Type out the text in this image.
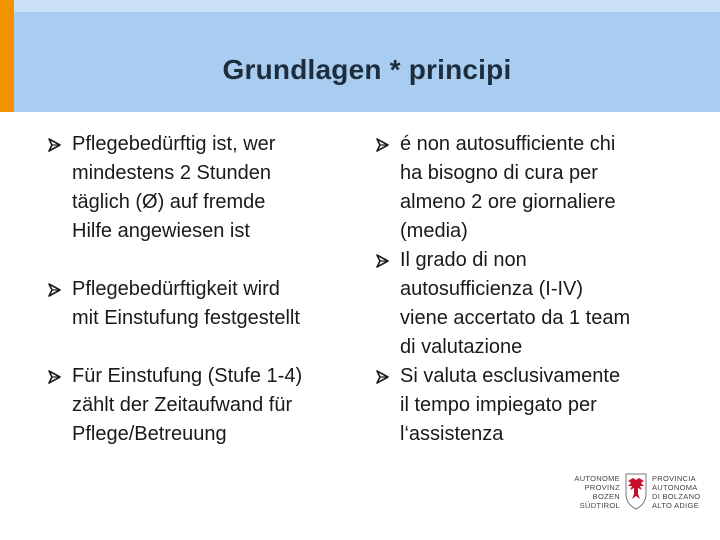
Grundlagen * principi
Pflegebedürftig ist, wer
mindestens 2 Stunden
täglich (Ø) auf fremde
Hilfe angewiesen ist
Pflegebedürftigkeit wird
mit Einstufung festgestellt
Für Einstufung (Stufe 1-4)
zählt der Zeitaufwand für
Pflege/Betreuung
é non autosufficiente chi
ha bisogno di cura per
almeno 2 ore giornaliere
(media)
Il grado di non
autosufficienza (I-IV)
viene accertato da 1 team
di valutazione
Si valuta esclusivamente
il tempo impiegato per
l‘assistenza
AUTONOME
PROVINZ
BOZEN
SÜDTIROL
PROVINCIA
AUTONOMA
DI BOLZANO
ALTO ADIGE
